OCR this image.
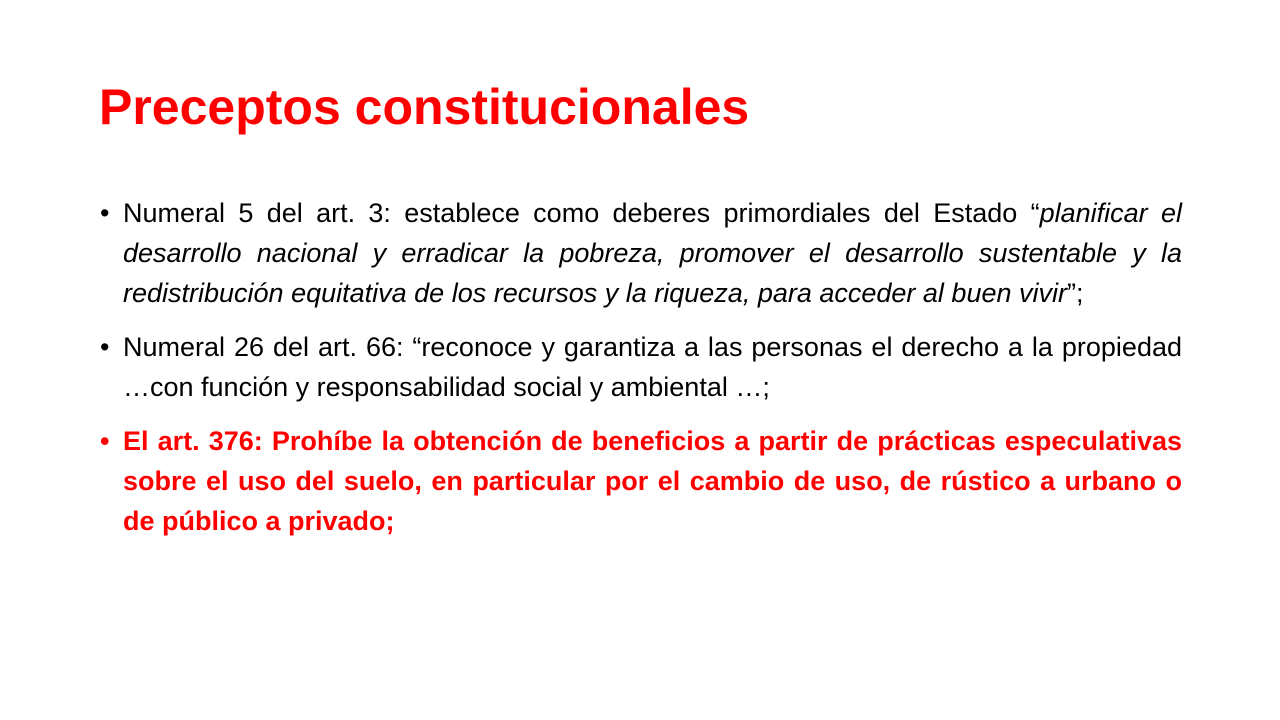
Preceptos constitucionales
• Numeral 5 del art. 3: establece como deberes primordiales del Estado “planificar el desarrollo nacional y erradicar la pobreza, promover el desarrollo sustentable y la redistribución equitativa de los recursos y la riqueza, para acceder al buen vivir”;
• Numeral 26 del art. 66: “reconoce y garantiza a las personas el derecho a la propiedad …con función y responsabilidad social y ambiental …;
• El art. 376: Prohíbe la obtención de beneficios a partir de prácticas especulativas sobre el uso del suelo, en particular por el cambio de uso, de rústico a urbano o de público a privado;
